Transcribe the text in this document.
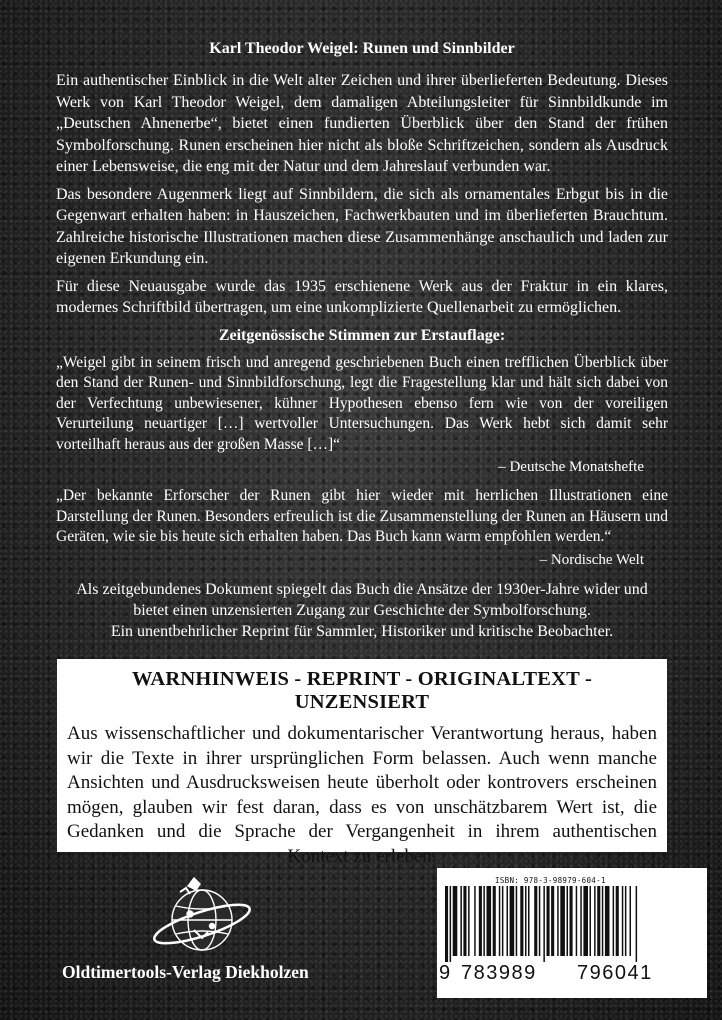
Karl Theodor Weigel: Runen und Sinnbilder

Ein authentischer Einblick in die Welt alter Zeichen und ihrer überlieferten Bedeutung. Dieses Werk von Karl Theodor Weigel, dem damaligen Abteilungsleiter für Sinnbildkunde im „Deutschen Ahnenerbe“, bietet einen fundierten Überblick über den Stand der frühen Symbolforschung. Runen erscheinen hier nicht als bloße Schriftzeichen, sondern als Ausdruck einer Lebensweise, die eng mit der Natur und dem Jahreslauf verbunden war.

Das besondere Augenmerk liegt auf Sinnbildern, die sich als ornamentales Erbgut bis in die Gegenwart erhalten haben: in Hauszeichen, Fachwerkbauten und im überlieferten Brauchtum. Zahlreiche historische Illustrationen machen diese Zusammenhänge anschaulich und laden zur eigenen Erkundung ein.

Für diese Neuausgabe wurde das 1935 erschienene Werk aus der Fraktur in ein klares, modernes Schriftbild übertragen, um eine unkomplizierte Quellenarbeit zu ermöglichen.

Zeitgenössische Stimmen zur Erstauflage:

„Weigel gibt in seinem frisch und anregend geschriebenen Buch einen trefflichen Überblick über den Stand der Runen- und Sinnbildforschung, legt die Fragestellung klar und hält sich dabei von der Verfechtung unbewiesener, kühner Hypothesen ebenso fern wie von der voreiligen Verurteilung neuartiger […] wertvoller Untersuchungen. Das Werk hebt sich damit sehr vorteilhaft heraus aus der großen Masse […]“

– Deutsche Monatshefte

„Der bekannte Erforscher der Runen gibt hier wieder mit herrlichen Illustrationen eine Darstellung der Runen. Besonders erfreulich ist die Zusammenstellung der Runen an Häusern und Geräten, wie sie bis heute sich erhalten haben. Das Buch kann warm empfohlen werden.“

– Nordische Welt

Als zeitgebundenes Dokument spiegelt das Buch die Ansätze der 1930er-Jahre wider und
bietet einen unzensierten Zugang zur Geschichte der Symbolforschung.
Ein unentbehrlicher Reprint für Sammler, Historiker und kritische Beobachter.

WARNHINWEIS - REPRINT - ORIGINALTEXT - UNZENSIERT

Aus wissenschaftlicher und dokumentarischer Verantwortung heraus, haben wir die Texte in ihrer ursprünglichen Form belassen. Auch wenn manche Ansichten und Ausdrucksweisen heute überholt oder kontrovers erscheinen mögen, glauben wir fest daran, dass es von unschätzbarem Wert ist, die Gedanken und die Sprache der Vergangenheit in ihrem authentischen Kontext zu erleben.

Oldtimertools-Verlag Diekholzen
ISBN: 978-3-98979-604-1
9 783989 796041
